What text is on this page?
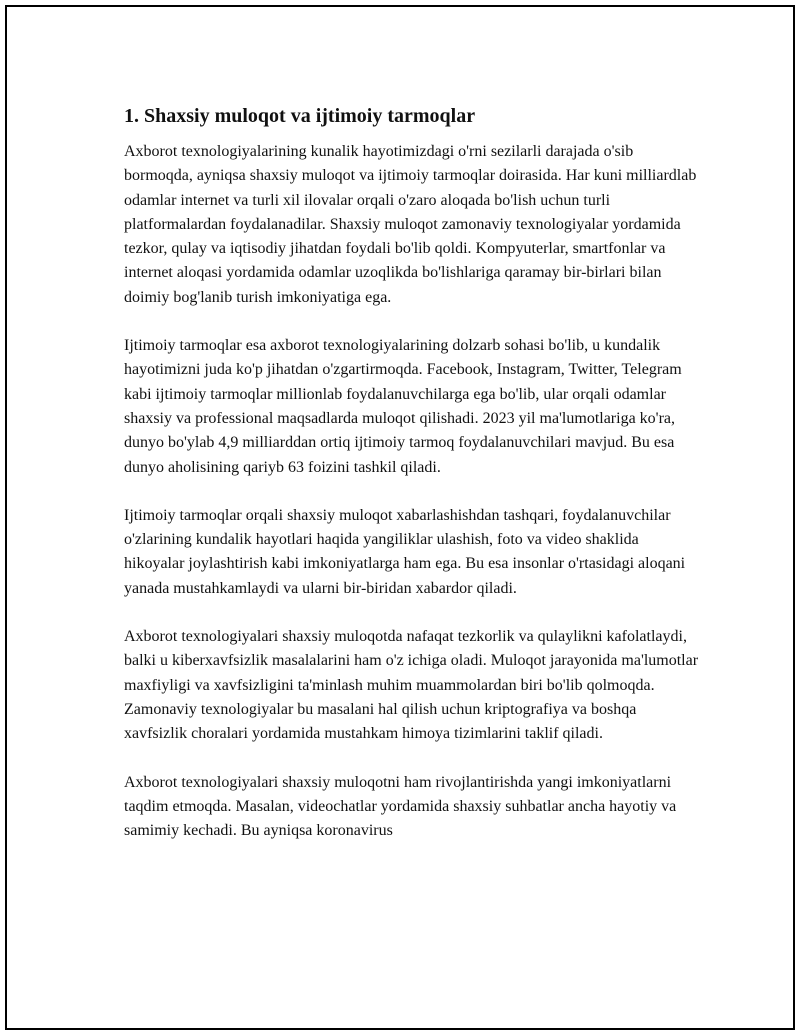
1. Shaxsiy muloqot va ijtimoiy tarmoqlar

Axborot texnologiyalarining kunalik hayotimizdagi o'rni sezilarli darajada o'sib bormoqda, ayniqsa shaxsiy muloqot va ijtimoiy tarmoqlar doirasida. Har kuni milliardlab odamlar internet va turli xil ilovalar orqali o'zaro aloqada bo'lish uchun turli platformalardan foydalanadilar. Shaxsiy muloqot zamonaviy texnologiyalar yordamida tezkor, qulay va iqtisodiy jihatdan foydali bo'lib qoldi. Kompyuterlar, smartfonlar va internet aloqasi yordamida odamlar uzoqlikda bo'lishlariga qaramay bir-birlari bilan doimiy bog'lanib turish imkoniyatiga ega.

Ijtimoiy tarmoqlar esa axborot texnologiyalarining dolzarb sohasi bo'lib, u kundalik hayotimizni juda ko'p jihatdan o'zgartirmoqda. Facebook, Instagram, Twitter, Telegram kabi ijtimoiy tarmoqlar millionlab foydalanuvchilarga ega bo'lib, ular orqali odamlar shaxsiy va professional maqsadlarda muloqot qilishadi. 2023 yil ma'lumotlariga ko'ra, dunyo bo'ylab 4,9 milliarddan ortiq ijtimoiy tarmoq foydalanuvchilari mavjud. Bu esa dunyo aholisining qariyb 63 foizini tashkil qiladi.

Ijtimoiy tarmoqlar orqali shaxsiy muloqot xabarlashishdan tashqari, foydalanuvchilar o'zlarining kundalik hayotlari haqida yangiliklar ulashish, foto va video shaklida hikoyalar joylashtirish kabi imkoniyatlarga ham ega. Bu esa insonlar o'rtasidagi aloqani yanada mustahkamlaydi va ularni bir-biridan xabardor qiladi.

Axborot texnologiyalari shaxsiy muloqotda nafaqat tezkorlik va qulaylikni kafolatlaydi, balki u kiberxavfsizlik masalalarini ham o'z ichiga oladi. Muloqot jarayonida ma'lumotlar maxfiyligi va xavfsizligini ta'minlash muhim muammolardan biri bo'lib qolmoqda. Zamonaviy texnologiyalar bu masalani hal qilish uchun kriptografiya va boshqa xavfsizlik choralari yordamida mustahkam himoya tizimlarini taklif qiladi.

Axborot texnologiyalari shaxsiy muloqotni ham rivojlantirishda yangi imkoniyatlarni taqdim etmoqda. Masalan, videochatlar yordamida shaxsiy suhbatlar ancha hayotiy va samimiy kechadi. Bu ayniqsa koronavirus
